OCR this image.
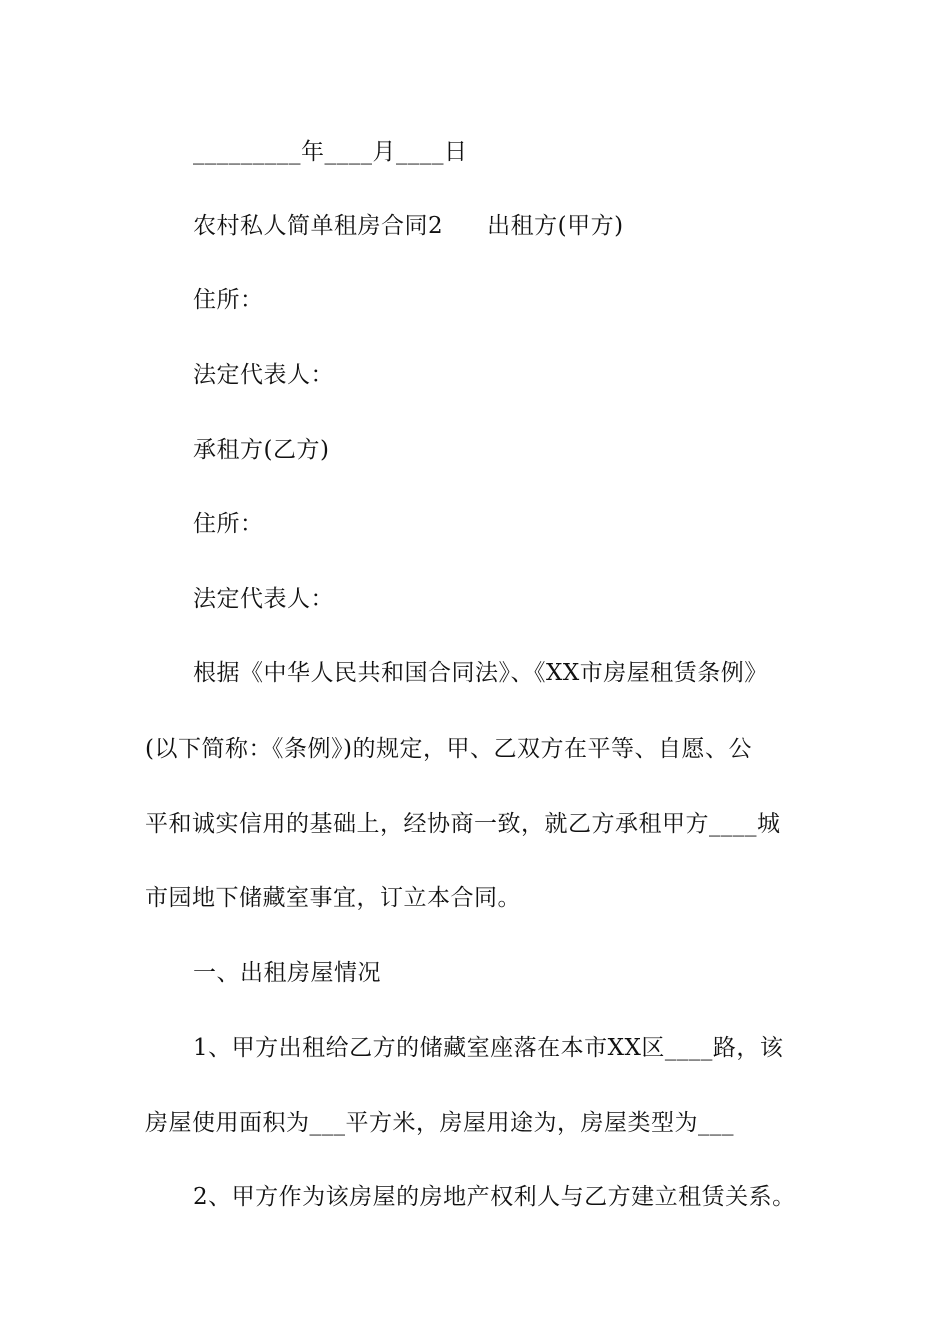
_________年____月____日
农村私人简单租房合同2 出租方(甲方)
住所：
法定代表人：
承租方(乙方)
住所：
法定代表人：
根据《中华人民共和国合同法》、《XX市房屋租赁条例》
(以下简称：《条例》)的规定，甲、乙双方在平等、自愿、公
平和诚实信用的基础上，经协商一致，就乙方承租甲方____城
市园地下储藏室事宜，订立本合同。
一、出租房屋情况
1、甲方出租给乙方的储藏室座落在本市XX区____路，该
房屋使用面积为___平方米，房屋用途为，房屋类型为___
2、甲方作为该房屋的房地产权利人与乙方建立租赁关系。
